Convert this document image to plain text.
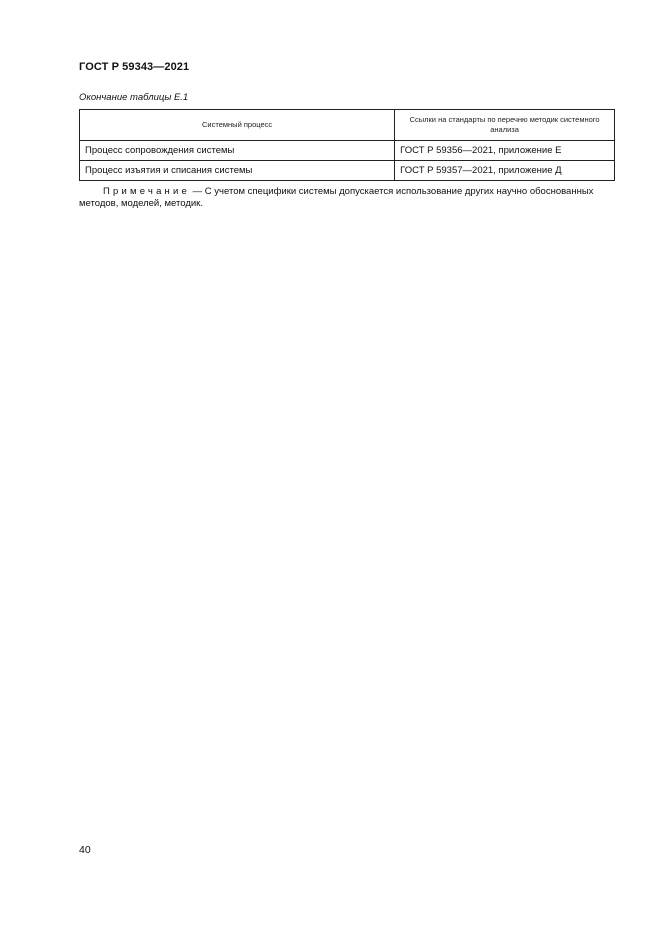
ГОСТ Р 59343—2021
Окончание таблицы Е.1
Системный процесс	Ссылки на стандарты по перечню методик системного анализа
Процесс сопровождения системы	ГОСТ Р 59356—2021, приложение Е
Процесс изъятия и списания системы	ГОСТ Р 59357—2021, приложение Д
Примечание — С учетом специфики системы допускается использование других научно обоснованных методов, моделей, методик.
40
